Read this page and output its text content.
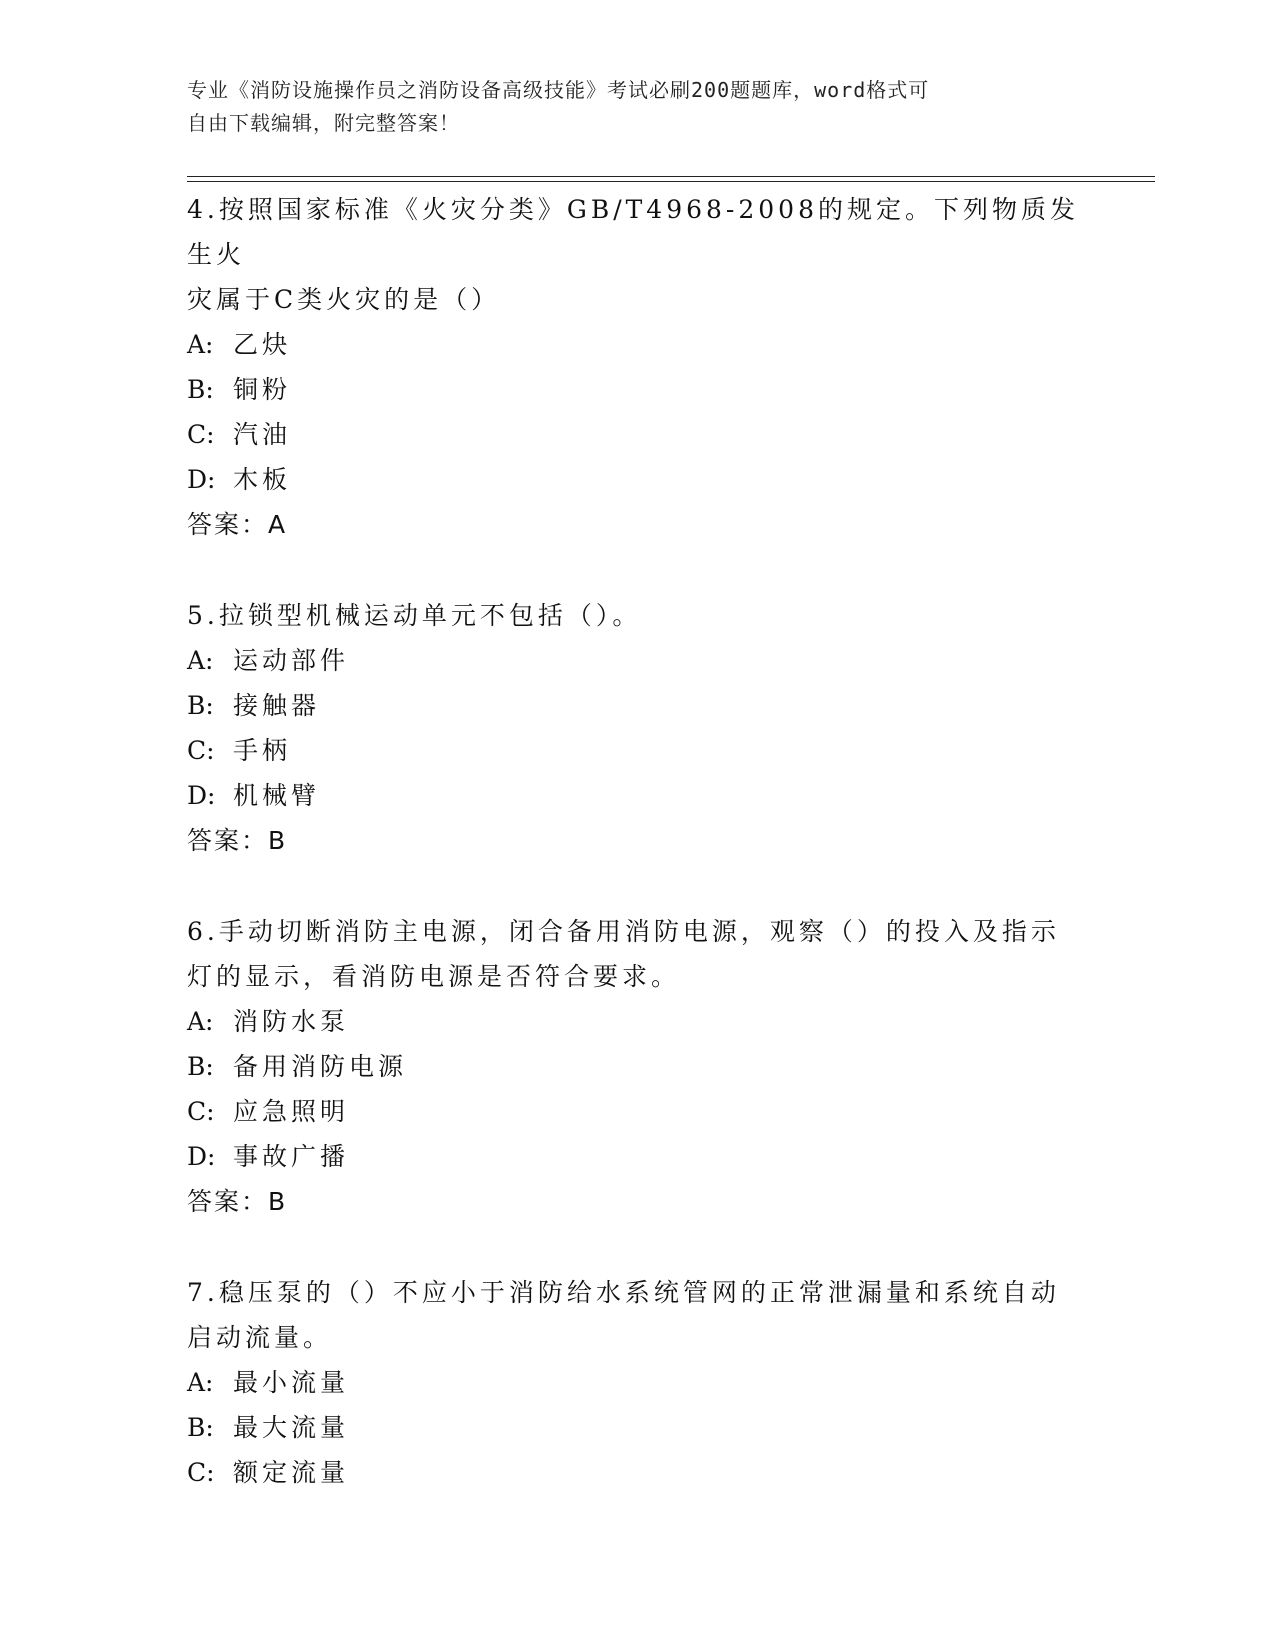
专业《消防设施操作员之消防设备高级技能》考试必刷200题题库，word格式可
自由下载编辑，附完整答案！

4.按照国家标准《火灾分类》GB/T4968-2008的规定。下列物质发生火
灾属于C类火灾的是（）

A: 乙炔

B: 铜粉

C: 汽油

D: 木板

答案：A

5.拉锁型机械运动单元不包括（）。

A: 运动部件

B: 接触器

C: 手柄

D: 机械臂

答案：B

6.手动切断消防主电源，闭合备用消防电源，观察（）的投入及指示
灯的显示，看消防电源是否符合要求。

A: 消防水泵

B: 备用消防电源

C: 应急照明

D: 事故广播

答案：B

7.稳压泵的（）不应小于消防给水系统管网的正常泄漏量和系统自动
启动流量。

A: 最小流量

B: 最大流量

C: 额定流量
